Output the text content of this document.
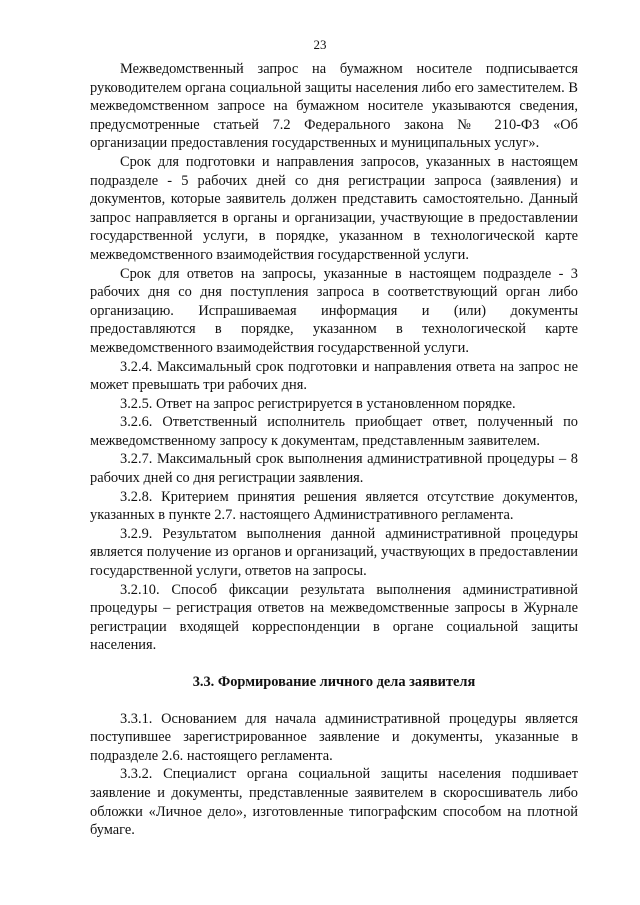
23

Межведомственный запрос на бумажном носителе подписывается руководителем органа социальной защиты населения либо его заместителем. В межведомственном запросе на бумажном носителе указываются сведения, предусмотренные статьей 7.2 Федерального закона № 210-ФЗ «Об организации предоставления государственных и муниципальных услуг».

Срок для подготовки и направления запросов, указанных в настоящем подразделе - 5 рабочих дней со дня регистрации запроса (заявления) и документов, которые заявитель должен представить самостоятельно. Данный запрос направляется в органы и организации, участвующие в предоставлении государственной услуги, в порядке, указанном в технологической карте межведомственного взаимодействия государственной услуги.

Срок для ответов на запросы, указанные в настоящем подразделе - 3 рабочих дня со дня поступления запроса в соответствующий орган либо организацию. Испрашиваемая информация и (или) документы предоставляются в порядке, указанном в технологической карте межведомственного взаимодействия государственной услуги.

3.2.4. Максимальный срок подготовки и направления ответа на запрос не может превышать три рабочих дня.

3.2.5. Ответ на запрос регистрируется в установленном порядке.

3.2.6. Ответственный исполнитель приобщает ответ, полученный по межведомственному запросу к документам, представленным заявителем.

3.2.7. Максимальный срок выполнения административной процедуры – 8 рабочих дней со дня регистрации заявления.

3.2.8. Критерием принятия решения является отсутствие документов, указанных в пункте 2.7. настоящего Административного регламента.

3.2.9. Результатом выполнения данной административной процедуры является получение из органов и организаций, участвующих в предоставлении государственной услуги, ответов на запросы.

3.2.10. Способ фиксации результата выполнения административной процедуры – регистрация ответов на межведомственные запросы в Журнале регистрации входящей корреспонденции в органе социальной защиты населения.

3.3. Формирование личного дела заявителя

3.3.1. Основанием для начала административной процедуры является поступившее зарегистрированное заявление и документы, указанные в подразделе 2.6. настоящего регламента.

3.3.2. Специалист органа социальной защиты населения подшивает заявление и документы, представленные заявителем в скоросшиватель либо обложки «Личное дело», изготовленные типографским способом на плотной бумаге.
